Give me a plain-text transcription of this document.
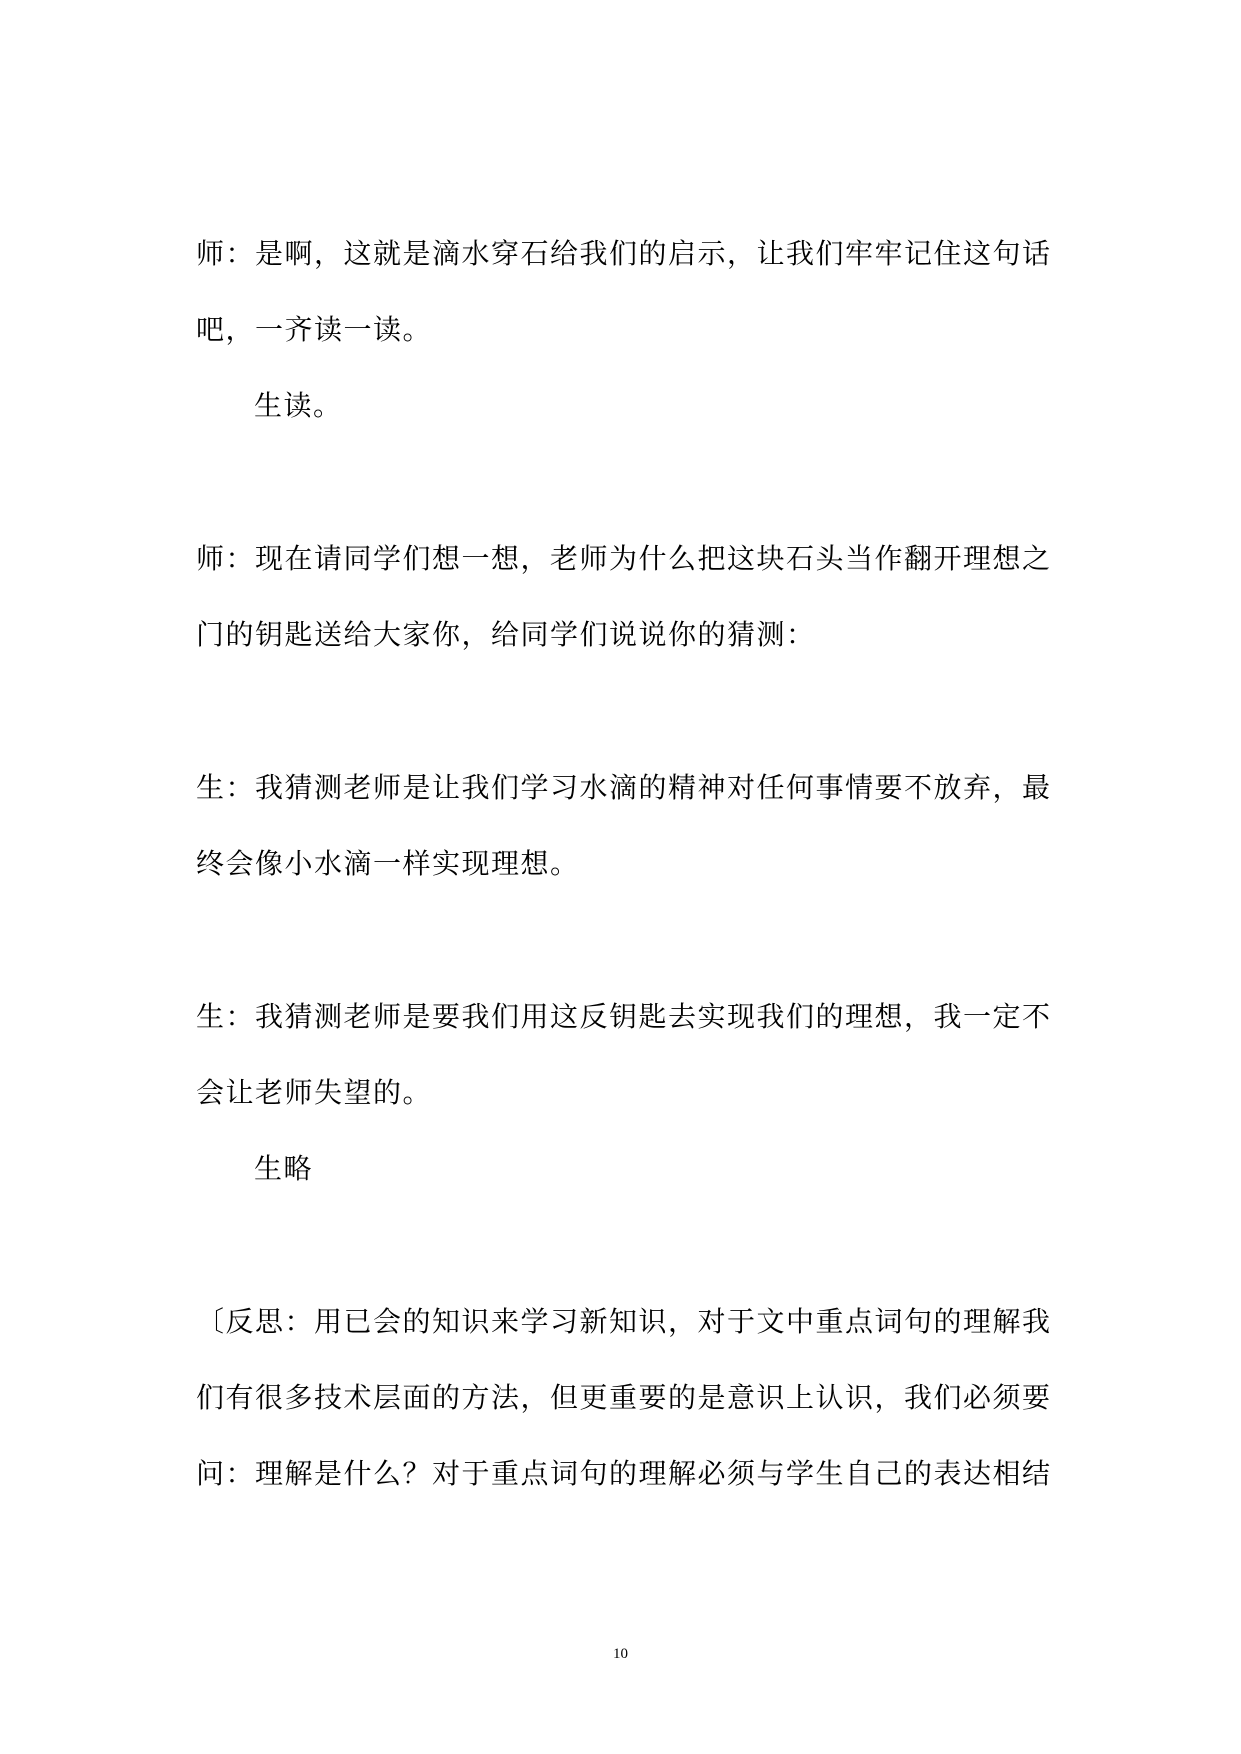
师：是啊，这就是滴水穿石给我们的启示，让我们牢牢记住这句话
吧，一齐读一读。
生读。
师：现在请同学们想一想，老师为什么把这块石头当作翻开理想之
门的钥匙送给大家你，给同学们说说你的猜测：
生：我猜测老师是让我们学习水滴的精神对任何事情要不放弃，最
终会像小水滴一样实现理想。
生：我猜测老师是要我们用这反钥匙去实现我们的理想，我一定不
会让老师失望的。
生略
〔反思：用已会的知识来学习新知识，对于文中重点词句的理解我
们有很多技术层面的方法，但更重要的是意识上认识，我们必须要
问：理解是什么？对于重点词句的理解必须与学生自己的表达相结
10
